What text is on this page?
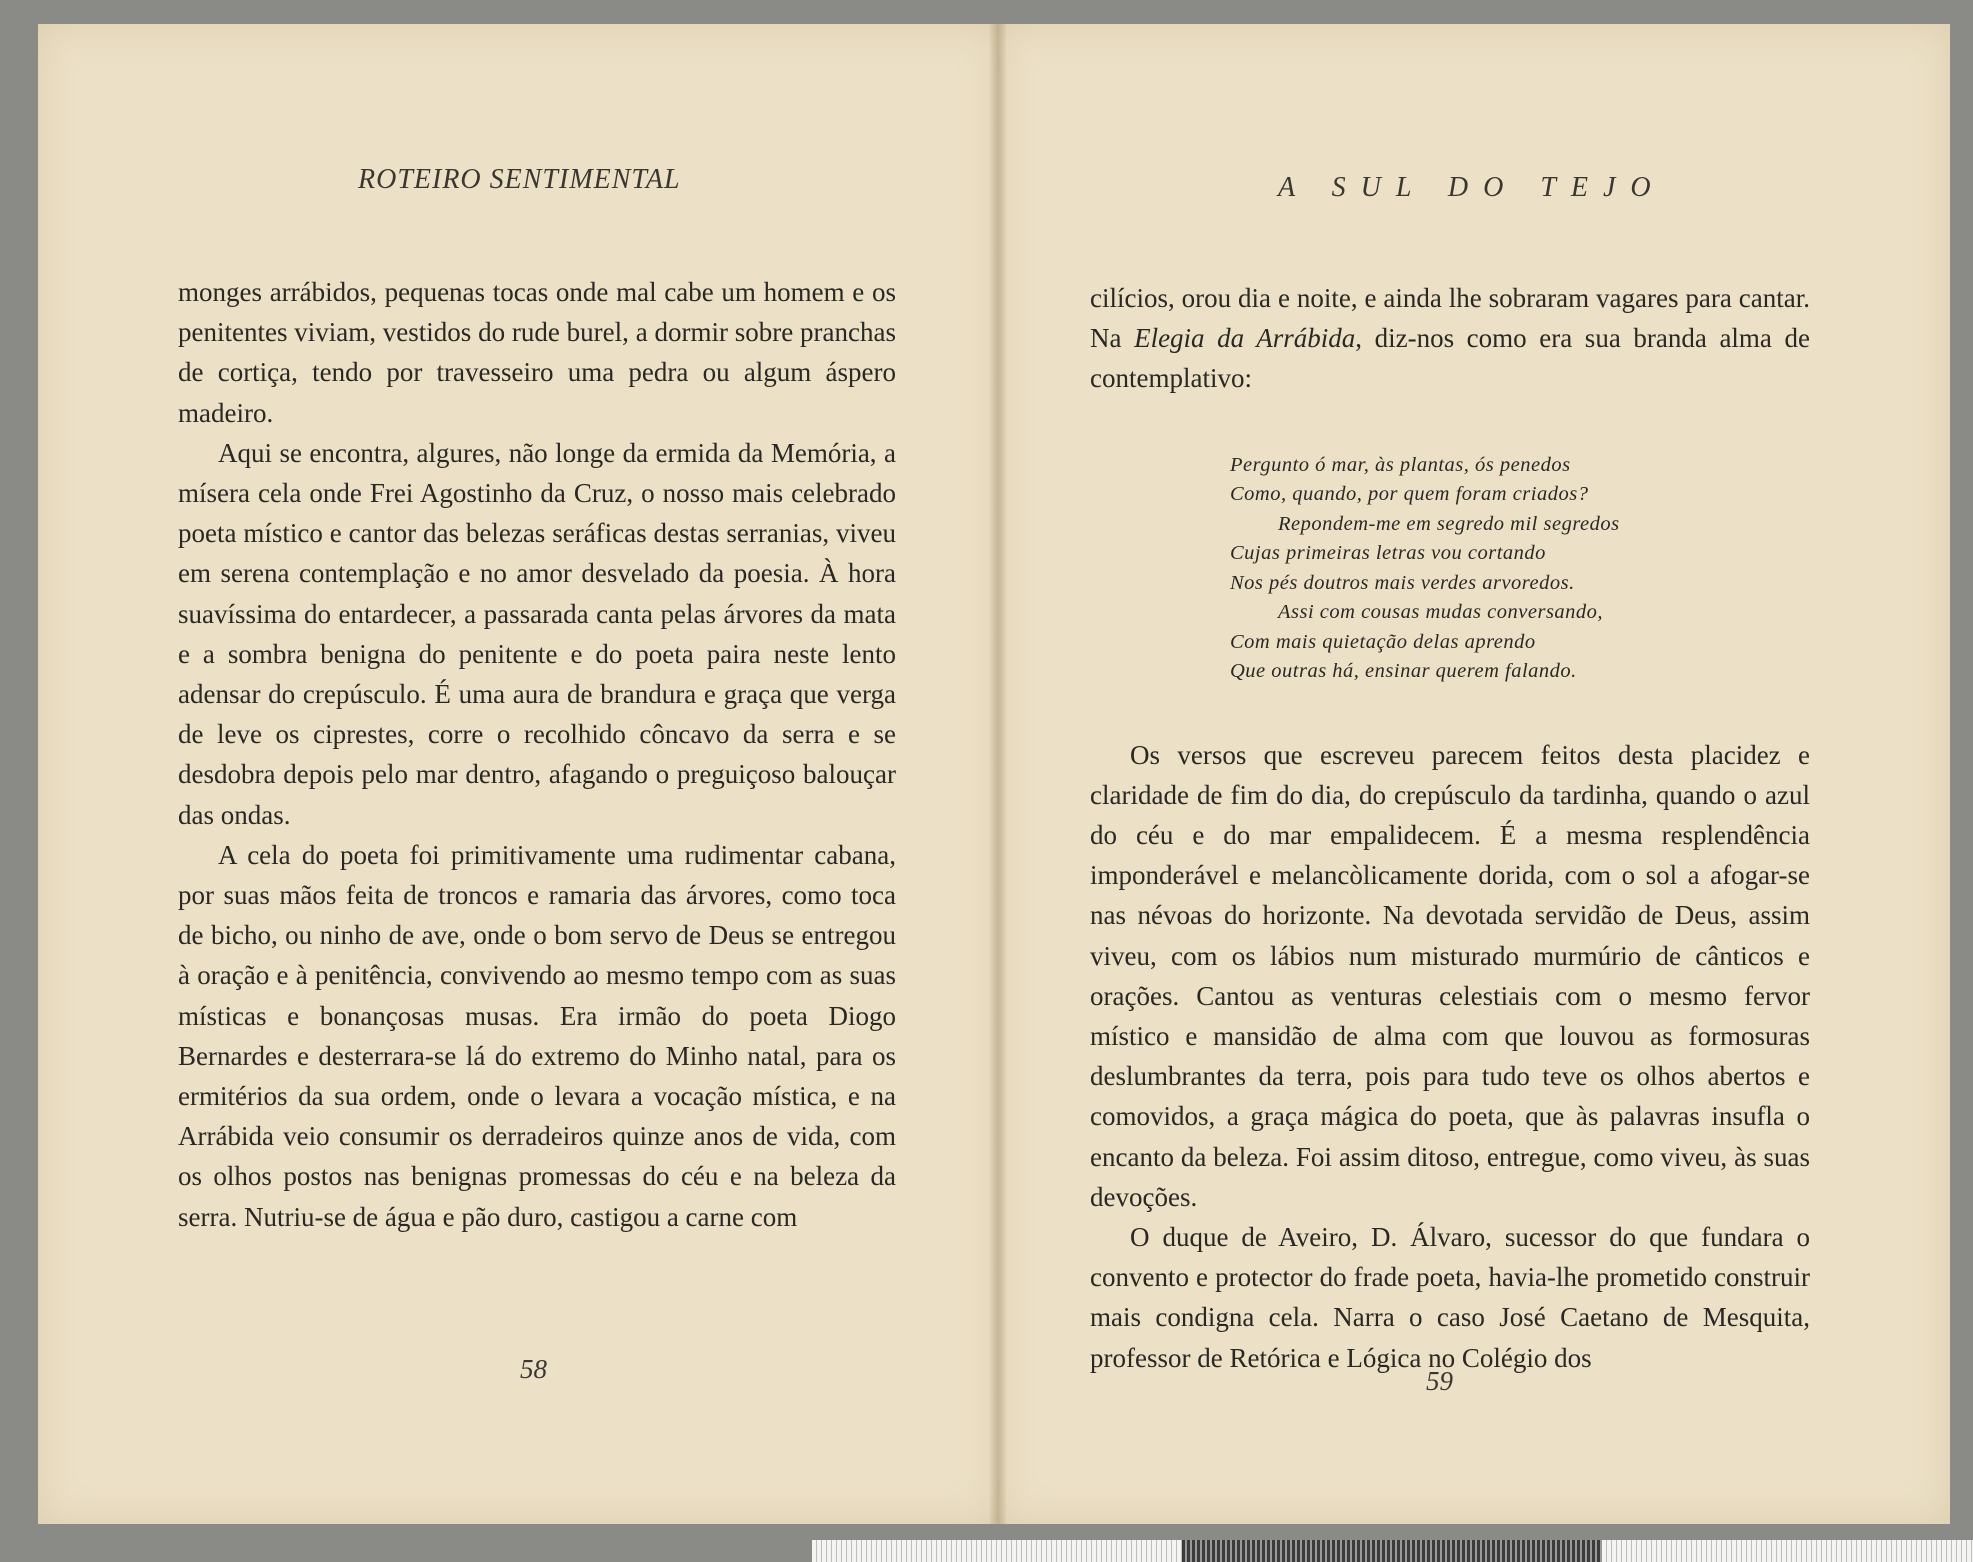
ROTEIRO SENTIMENTAL

monges arrábidos, pequenas tocas onde mal cabe um homem e os penitentes viviam, vestidos do rude burel, a dormir sobre pranchas de cortiça, tendo por travesseiro uma pedra ou algum áspero madeiro.

Aqui se encontra, algures, não longe da ermida da Memória, a mísera cela onde Frei Agostinho da Cruz, o nosso mais celebrado poeta místico e cantor das belezas seráficas destas serranias, viveu em serena contemplação e no amor desvelado da poesia. À hora suavíssima do entardecer, a passarada canta pelas árvores da mata e a sombra benigna do penitente e do poeta paira neste lento adensar do crepúsculo. É uma aura de brandura e graça que verga de leve os ciprestes, corre o recolhido côncavo da serra e se desdobra depois pelo mar dentro, afagando o preguiçoso balouçar das ondas.

A cela do poeta foi primitivamente uma rudimentar cabana, por suas mãos feita de troncos e ramaria das árvores, como toca de bicho, ou ninho de ave, onde o bom servo de Deus se entregou à oração e à penitência, convivendo ao mesmo tempo com as suas místicas e bonançosas musas. Era irmão do poeta Diogo Bernardes e desterrara-se lá do extremo do Minho natal, para os ermitérios da sua ordem, onde o levara a vocação mística, e na Arrábida veio consumir os derradeiros quinze anos de vida, com os olhos postos nas benignas promessas do céu e na beleza da serra. Nutriu-se de água e pão duro, castigou a carne com

58

A SUL DO TEJO

cilícios, orou dia e noite, e ainda lhe sobraram vagares para cantar. Na Elegia da Arrábida, diz-nos como era sua branda alma de contemplativo:

Pergunto ó mar, às plantas, ós penedos
Como, quando, por quem foram criados?
Repondem-me em segredo mil segredos
Cujas primeiras letras vou cortando
Nos pés doutros mais verdes arvoredos.
Assi com cousas mudas conversando,
Com mais quietação delas aprendo
Que outras há, ensinar querem falando.

Os versos que escreveu parecem feitos desta placidez e claridade de fim do dia, do crepúsculo da tardinha, quando o azul do céu e do mar empalidecem. É a mesma resplendência imponderável e melancòlicamente dorida, com o sol a afogar-se nas névoas do horizonte. Na devotada servidão de Deus, assim viveu, com os lábios num misturado murmúrio de cânticos e orações. Cantou as venturas celestiais com o mesmo fervor místico e mansidão de alma com que louvou as formosuras deslumbrantes da terra, pois para tudo teve os olhos abertos e comovidos, a graça mágica do poeta, que às palavras insufla o encanto da beleza. Foi assim ditoso, entregue, como viveu, às suas devoções.

O duque de Aveiro, D. Álvaro, sucessor do que fundara o convento e protector do frade poeta, havia-lhe prometido construir mais condigna cela. Narra o caso José Caetano de Mesquita, professor de Retórica e Lógica no Colégio dos

59
